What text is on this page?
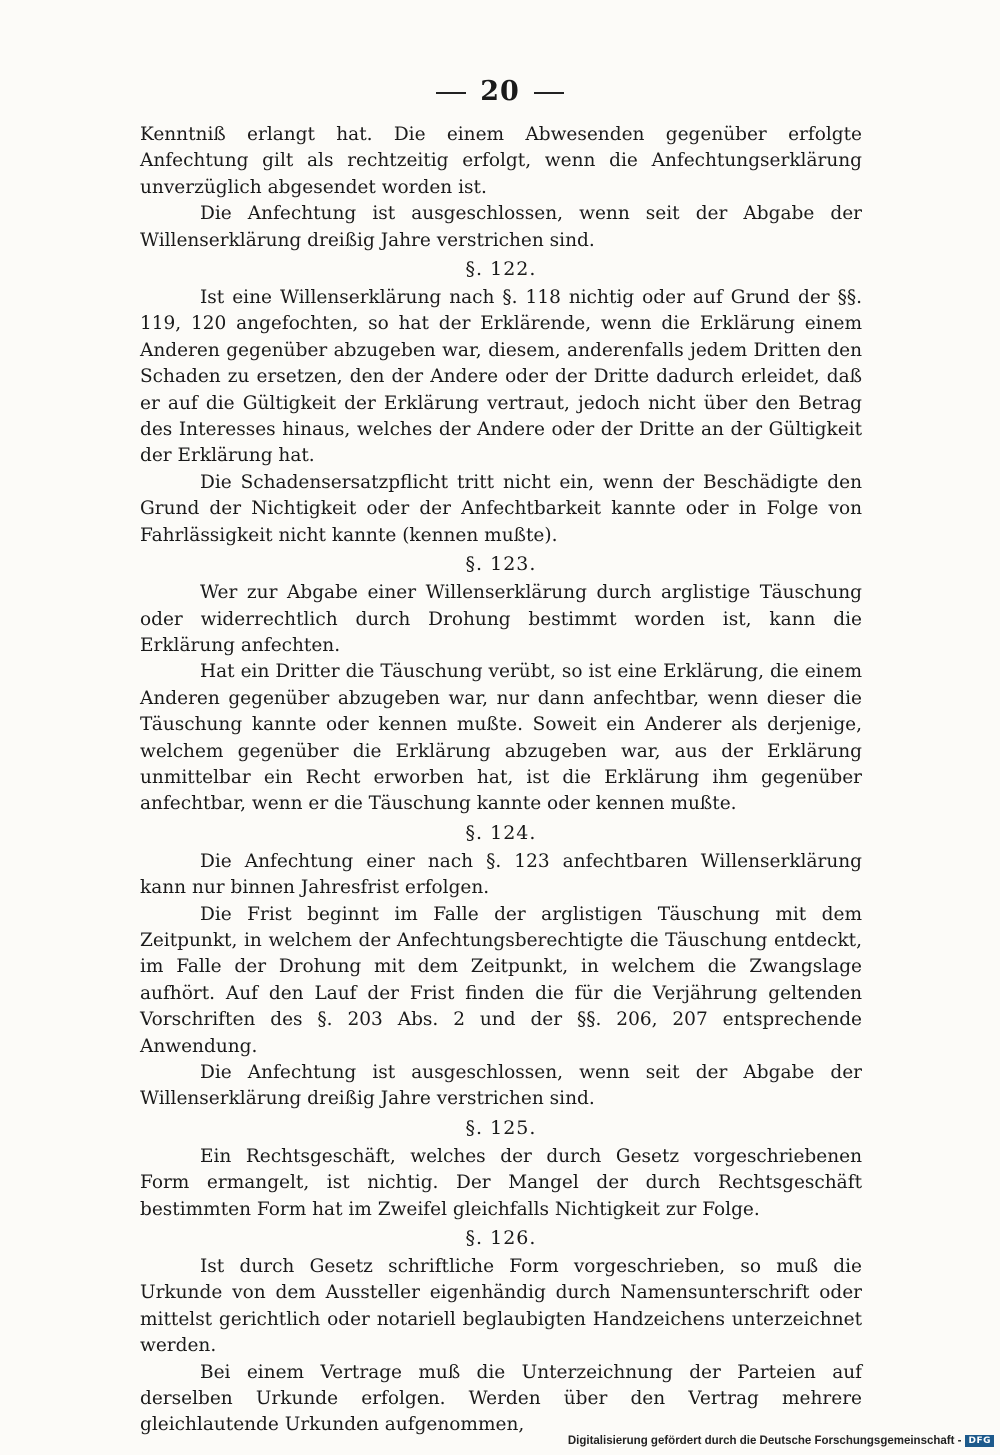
20

Kenntniß erlangt hat. Die einem Abwesenden gegenüber erfolgte Anfechtung gilt als rechtzeitig erfolgt, wenn die Anfechtungserklärung unverzüglich abgesendet worden ist.

Die Anfechtung ist ausgeschlossen, wenn seit der Abgabe der Willenserklärung dreißig Jahre verstrichen sind.

§. 122.

Ist eine Willenserklärung nach §. 118 nichtig oder auf Grund der §§. 119, 120 angefochten, so hat der Erklärende, wenn die Erklärung einem Anderen gegenüber abzugeben war, diesem, anderenfalls jedem Dritten den Schaden zu ersetzen, den der Andere oder der Dritte dadurch erleidet, daß er auf die Gültigkeit der Erklärung vertraut, jedoch nicht über den Betrag des Interesses hinaus, welches der Andere oder der Dritte an der Gültigkeit der Erklärung hat.

Die Schadensersatzpflicht tritt nicht ein, wenn der Beschädigte den Grund der Nichtigkeit oder der Anfechtbarkeit kannte oder in Folge von Fahrlässigkeit nicht kannte (kennen mußte).

§. 123.

Wer zur Abgabe einer Willenserklärung durch arglistige Täuschung oder widerrechtlich durch Drohung bestimmt worden ist, kann die Erklärung anfechten.

Hat ein Dritter die Täuschung verübt, so ist eine Erklärung, die einem Anderen gegenüber abzugeben war, nur dann anfechtbar, wenn dieser die Täuschung kannte oder kennen mußte. Soweit ein Anderer als derjenige, welchem gegenüber die Erklärung abzugeben war, aus der Erklärung unmittelbar ein Recht erworben hat, ist die Erklärung ihm gegenüber anfechtbar, wenn er die Täuschung kannte oder kennen mußte.

§. 124.

Die Anfechtung einer nach §. 123 anfechtbaren Willenserklärung kann nur binnen Jahresfrist erfolgen.

Die Frist beginnt im Falle der arglistigen Täuschung mit dem Zeitpunkt, in welchem der Anfechtungsberechtigte die Täuschung entdeckt, im Falle der Drohung mit dem Zeitpunkt, in welchem die Zwangslage aufhört. Auf den Lauf der Frist finden die für die Verjährung geltenden Vorschriften des §. 203 Abs. 2 und der §§. 206, 207 entsprechende Anwendung.

Die Anfechtung ist ausgeschlossen, wenn seit der Abgabe der Willenserklärung dreißig Jahre verstrichen sind.

§. 125.

Ein Rechtsgeschäft, welches der durch Gesetz vorgeschriebenen Form ermangelt, ist nichtig. Der Mangel der durch Rechtsgeschäft bestimmten Form hat im Zweifel gleichfalls Nichtigkeit zur Folge.

§. 126.

Ist durch Gesetz schriftliche Form vorgeschrieben, so muß die Urkunde von dem Aussteller eigenhändig durch Namensunterschrift oder mittelst gerichtlich oder notariell beglaubigten Handzeichens unterzeichnet werden.

Bei einem Vertrage muß die Unterzeichnung der Parteien auf derselben Urkunde erfolgen. Werden über den Vertrag mehrere gleichlautende Urkunden aufgenommen,

Digitalisierung gefördert durch die Deutsche Forschungsgemeinschaft - DFG
